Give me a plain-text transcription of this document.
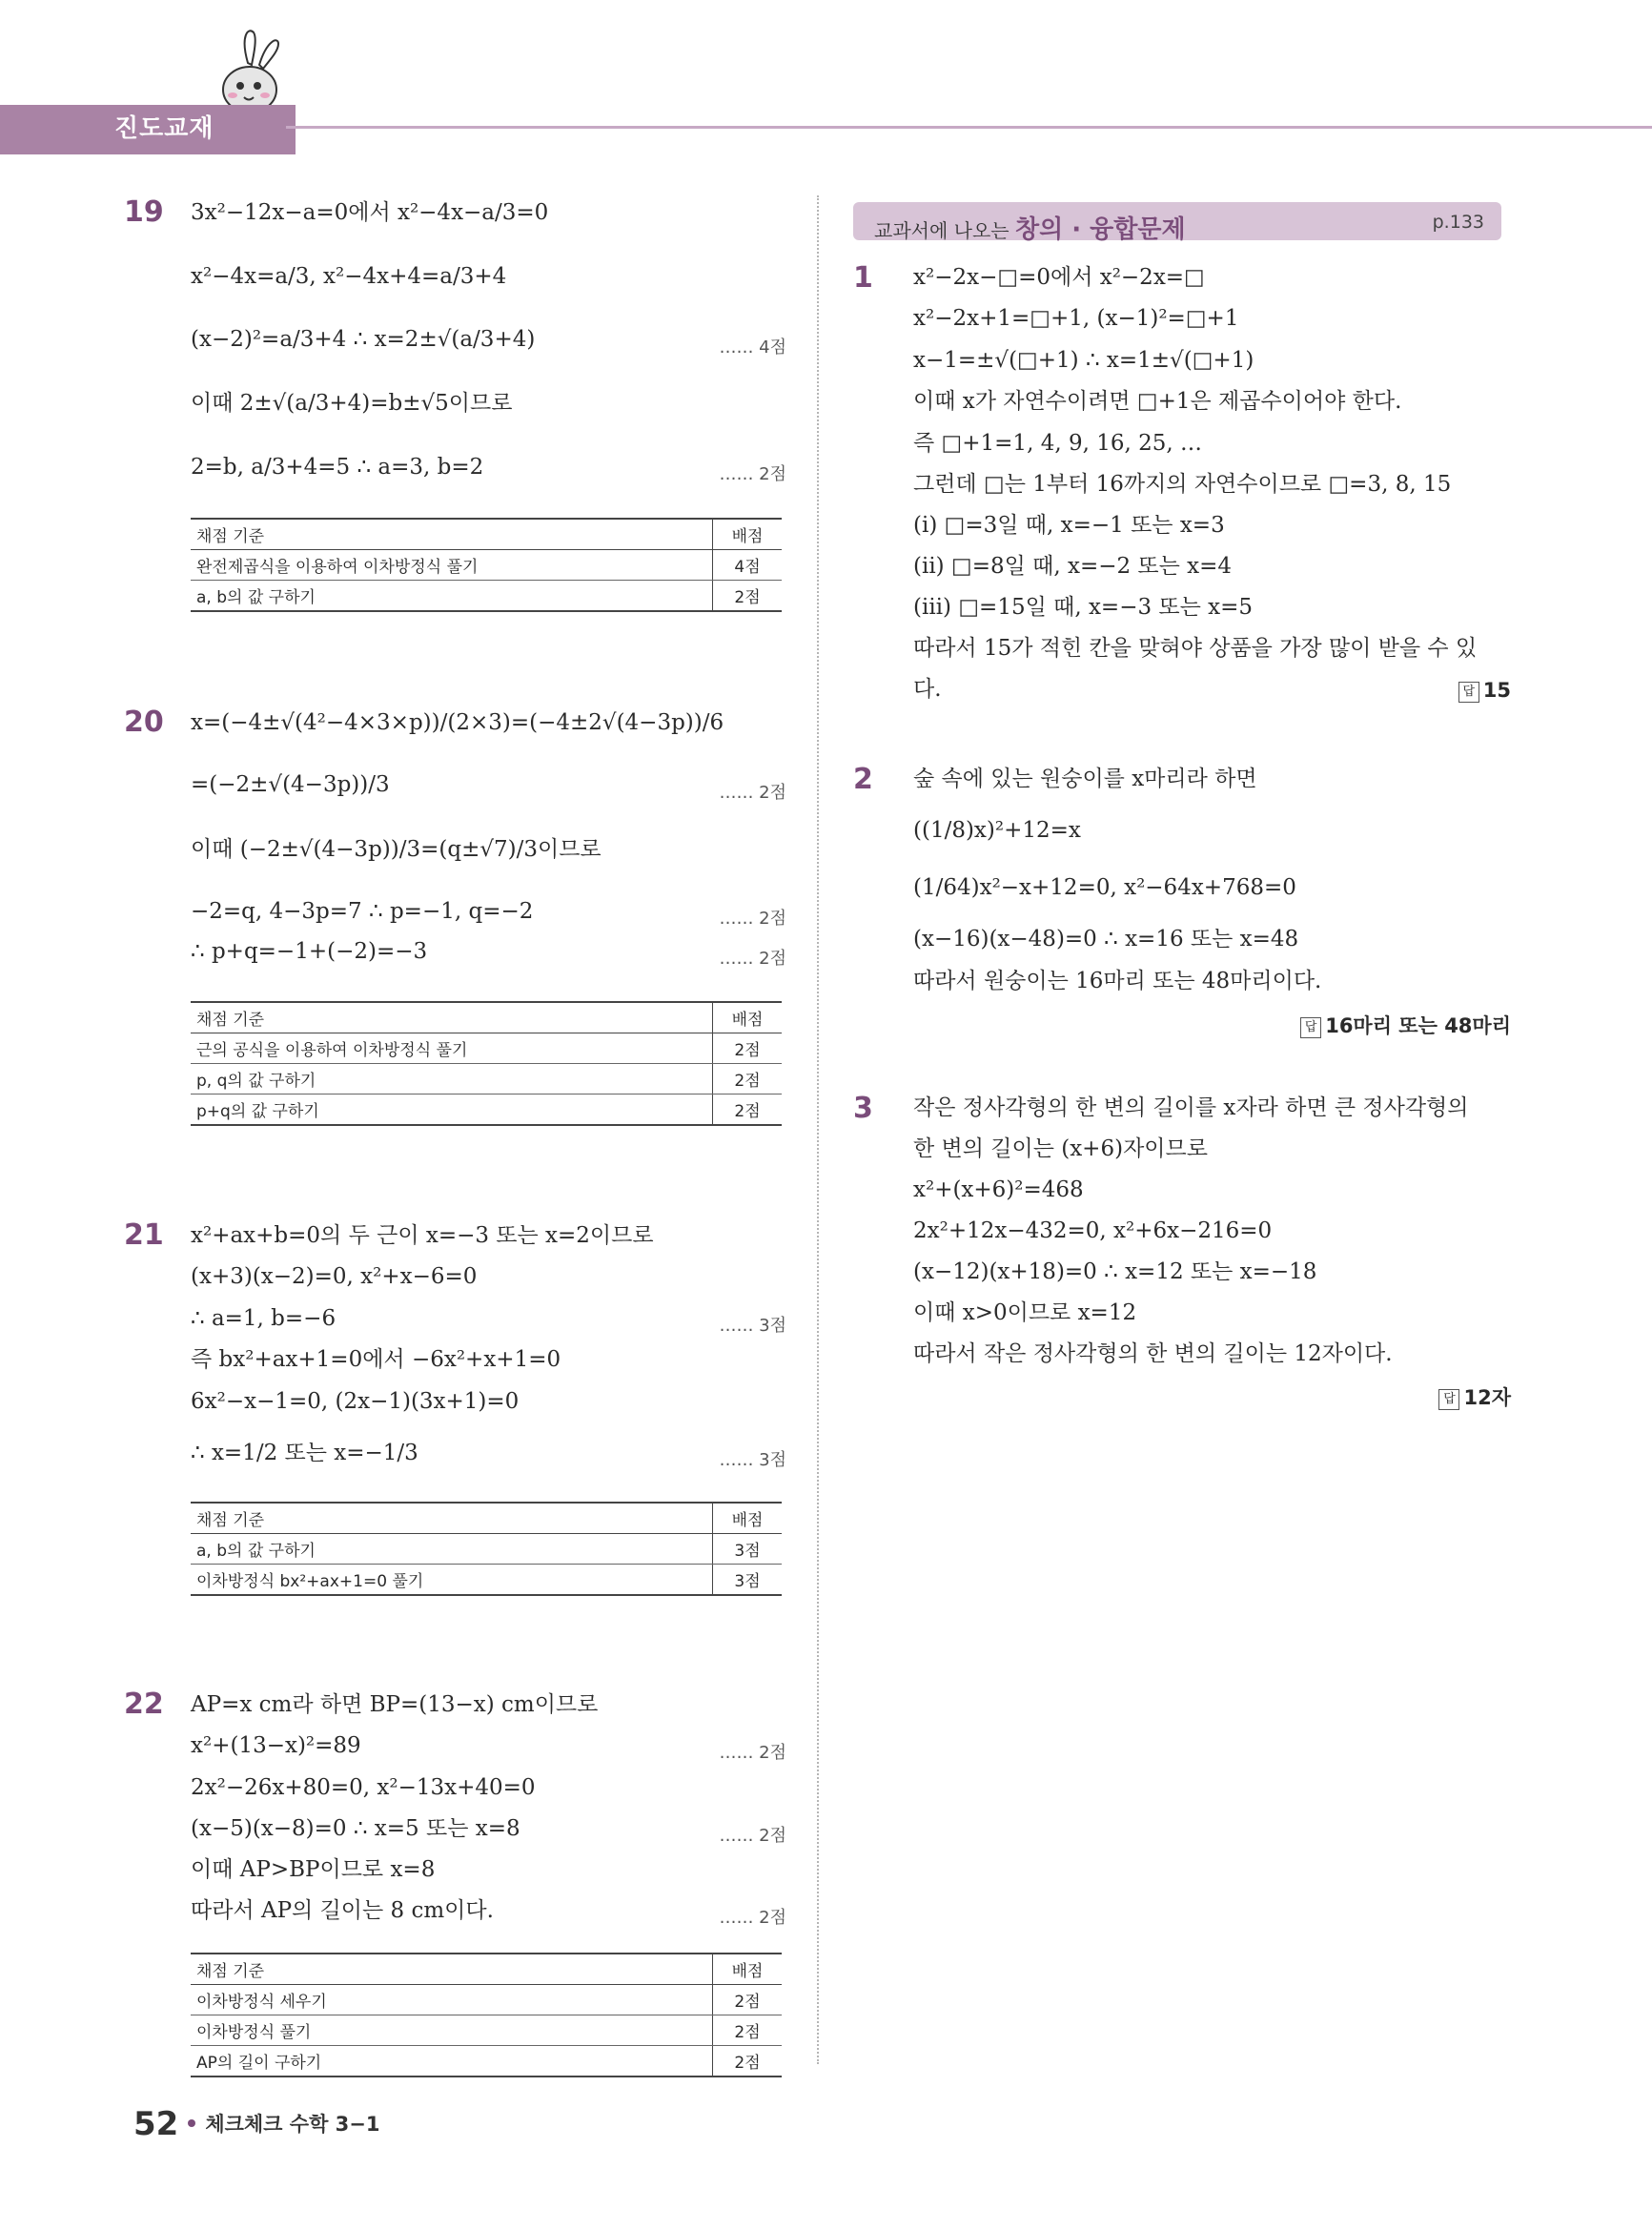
진도교재
19 3x²−12x−a=0에서 x²−4x−a/3=0
x²−4x=a/3, x²−4x+4=a/3+4
(x−2)²=a/3+4 ∴ x=2±√(a/3+4)	…… 4점
이때 2±√(a/3+4)=b±√5이므로
2=b, a/3+4=5 ∴ a=3, b=2	…… 2점
채점 기준	배점
완전제곱식을 이용하여 이차방정식 풀기	4점
a, b의 값 구하기	2점
20 x=(−4±√(4²−4×3×p))/(2×3)=(−4±2√(4−3p))/6
=(−2±√(4−3p))/3	…… 2점
이때 (−2±√(4−3p))/3=(q±√7)/3이므로
−2=q, 4−3p=7 ∴ p=−1, q=−2	…… 2점
∴ p+q=−1+(−2)=−3	…… 2점
채점 기준	배점
근의 공식을 이용하여 이차방정식 풀기	2점
p, q의 값 구하기	2점
p+q의 값 구하기	2점
21 x²+ax+b=0의 두 근이 x=−3 또는 x=2이므로
(x+3)(x−2)=0, x²+x−6=0
∴ a=1, b=−6	…… 3점
즉 bx²+ax+1=0에서 −6x²+x+1=0
6x²−x−1=0, (2x−1)(3x+1)=0
∴ x=1/2 또는 x=−1/3	…… 3점
채점 기준	배점
a, b의 값 구하기	3점
이차방정식 bx²+ax+1=0 풀기	3점
22 AP=x cm라 하면 BP=(13−x) cm이므로
x²+(13−x)²=89	…… 2점
2x²−26x+80=0, x²−13x+40=0
(x−5)(x−8)=0 ∴ x=5 또는 x=8	…… 2점
이때 AP>BP이므로 x=8
따라서 AP의 길이는 8 cm이다.	…… 2점
채점 기준	배점
이차방정식 세우기	2점
이차방정식 풀기	2점
AP의 길이 구하기	2점
교과서에 나오는 창의 · 융합문제	p.133
1 x²−2x−□=0에서 x²−2x=□
x²−2x+1=□+1, (x−1)²=□+1
x−1=±√(□+1) ∴ x=1±√(□+1)
이때 x가 자연수이려면 □+1은 제곱수이어야 한다.
즉 □+1=1, 4, 9, 16, 25, …
그런데 □는 1부터 16까지의 자연수이므로 □=3, 8, 15
(ⅰ) □=3일 때, x=−1 또는 x=3
(ⅱ) □=8일 때, x=−2 또는 x=4
(ⅲ) □=15일 때, x=−3 또는 x=5
따라서 15가 적힌 칸을 맞혀야 상품을 가장 많이 받을 수 있
다.	답 15
2 숲 속에 있는 원숭이를 x마리라 하면
((1/8)x)²+12=x
(1/64)x²−x+12=0, x²−64x+768=0
(x−16)(x−48)=0 ∴ x=16 또는 x=48
따라서 원숭이는 16마리 또는 48마리이다.
답 16마리 또는 48마리
3 작은 정사각형의 한 변의 길이를 x자라 하면 큰 정사각형의
한 변의 길이는 (x+6)자이므로
x²+(x+6)²=468
2x²+12x−432=0, x²+6x−216=0
(x−12)(x+18)=0 ∴ x=12 또는 x=−18
이때 x>0이므로 x=12
따라서 작은 정사각형의 한 변의 길이는 12자이다.
답 12자
52 체크체크 수학 3−1
